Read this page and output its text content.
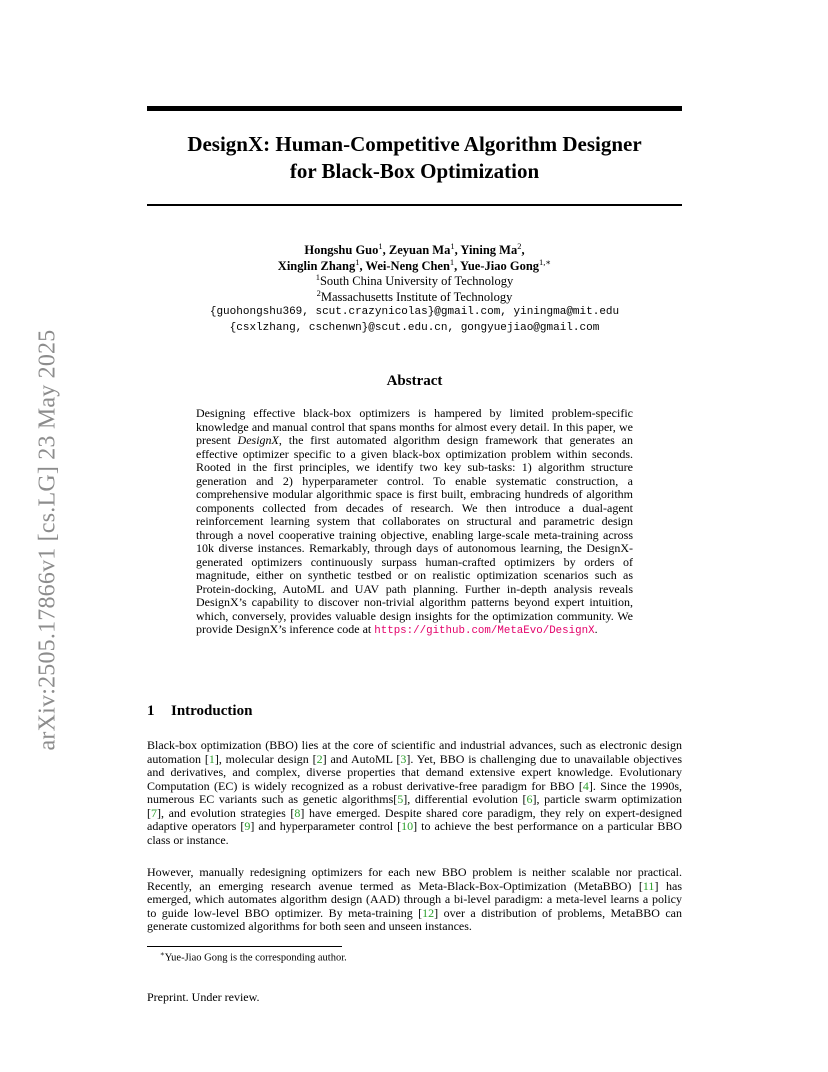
arXiv:2505.17866v1 [cs.LG] 23 May 2025
DesignX: Human-Competitive Algorithm Designer
for Black-Box Optimization
Hongshu Guo$^1$, Zeyuan Ma$^1$, Yining Ma$^2$,
Xinglin Zhang$^1$, Wei-Neng Chen$^1$, Yue-Jiao Gong$^{1,∗}$
$^1$South China University of Technology
$^2$Massachusetts Institute of Technology
{guohongshu369, scut.crazynicolas}@gmail.com, yiningma@mit.edu
{csxlzhang, cschenwn}@scut.edu.cn, gongyuejiao@gmail.com
Abstract

Designing effective black-box optimizers is hampered by limited problem-specific knowledge and manual control that spans months for almost every detail. In this paper, we present DesignX, the first automated algorithm design framework that generates an effective optimizer specific to a given black-box optimization problem within seconds. Rooted in the first principles, we identify two key sub-tasks: 1) algorithm structure generation and 2) hyperparameter control. To enable systematic construction, a comprehensive modular algorithmic space is first built, embracing hundreds of algorithm components collected from decades of research. We then introduce a dual-agent reinforcement learning system that collaborates on structural and parametric design through a novel cooperative training objective, enabling large-scale meta-training across 10k diverse instances. Remarkably, through days of autonomous learning, the DesignX-generated optimizers continuously surpass human-crafted optimizers by orders of magnitude, either on synthetic testbed or on realistic optimization scenarios such as Protein-docking, AutoML and UAV path planning. Further in-depth analysis reveals DesignX’s capability to discover non-trivial algorithm patterns beyond expert intuition, which, conversely, provides valuable design insights for the optimization community. We provide DesignX’s inference code at https://github.com/MetaEvo/DesignX.

1 Introduction

Black-box optimization (BBO) lies at the core of scientific and industrial advances, such as electronic design automation [1], molecular design [2] and AutoML [3]. Yet, BBO is challenging due to unavailable objectives and derivatives, and complex, diverse properties that demand extensive expert knowledge. Evolutionary Computation (EC) is widely recognized as a robust derivative-free paradigm for BBO [4]. Since the 1990s, numerous EC variants such as genetic algorithms[5], differential evolution [6], particle swarm optimization [7], and evolution strategies [8] have emerged. Despite shared core paradigm, they rely on expert-designed adaptive operators [9] and hyperparameter control [10] to achieve the best performance on a particular BBO class or instance.

However, manually redesigning optimizers for each new BBO problem is neither scalable nor practical. Recently, an emerging research avenue termed as Meta-Black-Box-Optimization (MetaBBO) [11] has emerged, which automates algorithm design (AAD) through a bi-level paradigm: a meta-level learns a policy to guide low-level BBO optimizer. By meta-training [12] over a distribution of problems, MetaBBO can generate customized algorithms for both seen and unseen instances.

∗Yue-Jiao Gong is the corresponding author.
Preprint. Under review.
